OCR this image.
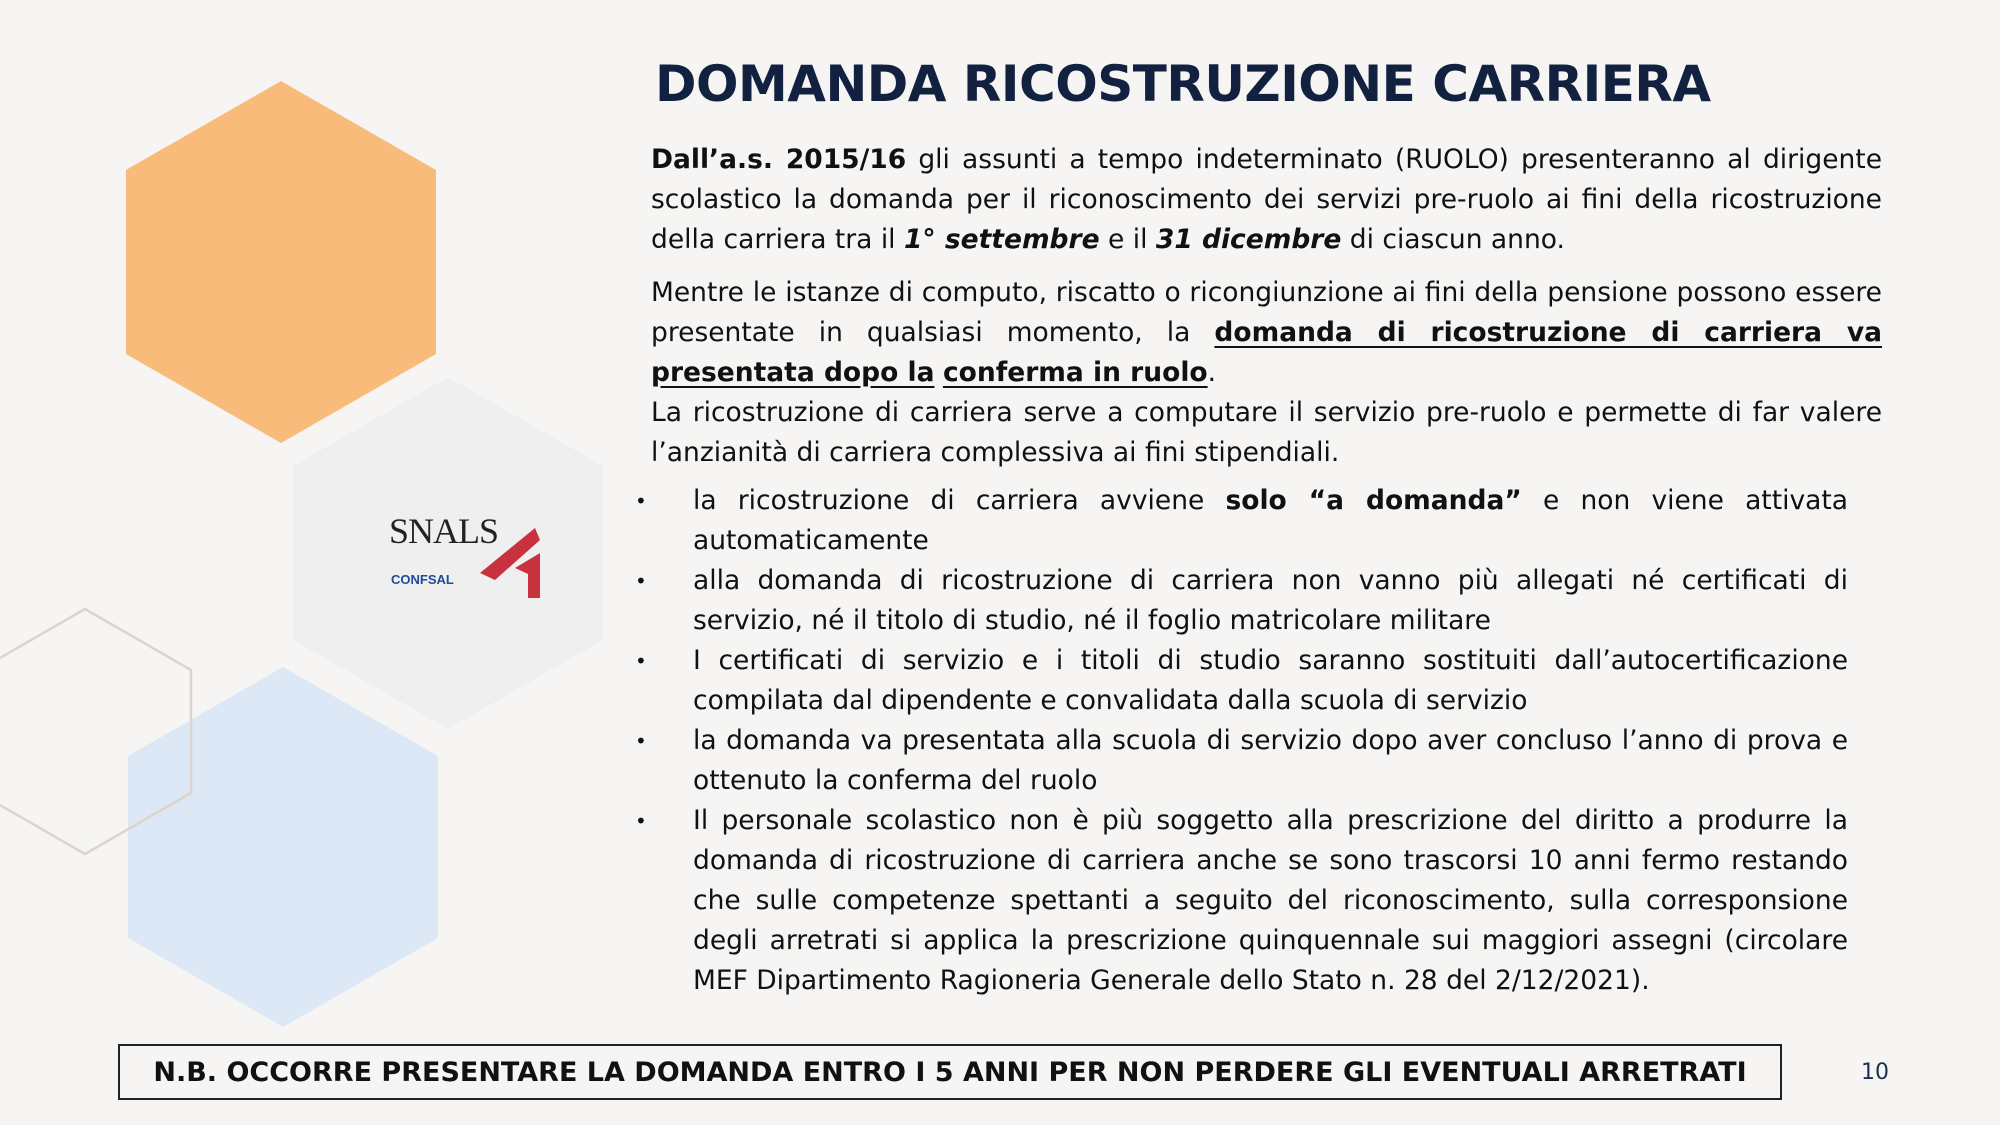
SNALS
CONFSAL
DOMANDA RICOSTRUZIONE CARRIERA

Dall’a.s. 2015/16 gli assunti a tempo indeterminato (RUOLO) presenteranno al dirigente scolastico la domanda per il riconoscimento dei servizi pre-ruolo ai fini della ricostruzione della carriera tra il 1° settembre e il 31 dicembre di ciascun anno.

Mentre le istanze di computo, riscatto o ricongiunzione ai fini della pensione possono essere presentate in qualsiasi momento, la domanda di ricostruzione di carriera va presentata dopo la conferma in ruolo.

La ricostruzione di carriera serve a computare il servizio pre-ruolo e permette di far valere l’anzianità di carriera complessiva ai fini stipendiali.

• la ricostruzione di carriera avviene solo “a domanda” e non viene attivata automaticamente
• alla domanda di ricostruzione di carriera non vanno più allegati né certificati di servizio, né il titolo di studio, né il foglio matricolare militare
• I certificati di servizio e i titoli di studio saranno sostituiti dall’autocertificazione compilata dal dipendente e convalidata dalla scuola di servizio
• la domanda va presentata alla scuola di servizio dopo aver concluso l’anno di prova e ottenuto la conferma del ruolo
• Il personale scolastico non è più soggetto alla prescrizione del diritto a produrre la domanda di ricostruzione di carriera anche se sono trascorsi 10 anni fermo restando che sulle competenze spettanti a seguito del riconoscimento, sulla corresponsione degli arretrati si applica la prescrizione quinquennale sui maggiori assegni (circolare MEF Dipartimento Ragioneria Generale dello Stato n. 28 del 2/12/2021).
N.B. OCCORRE PRESENTARE LA DOMANDA ENTRO I 5 ANNI PER NON PERDERE GLI EVENTUALI ARRETRATI	10
